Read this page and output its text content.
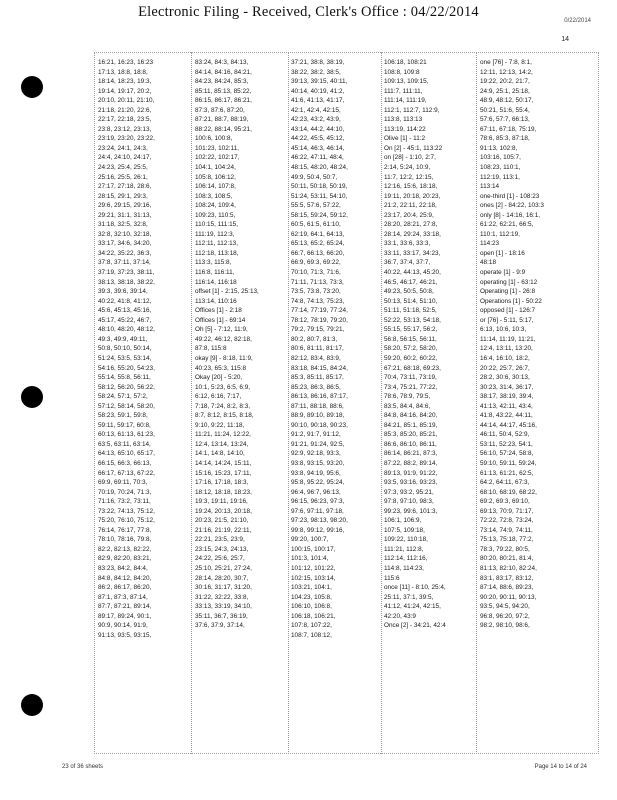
Electronic Filing - Received, Clerk's Office : 04/22/2014
0/22/2014
14
16:21, 16:23, 16:23
17:13, 18:8, 18:8,
18:14, 18:23, 19:3,
19:14, 19:17, 20:2,
20:10, 20:11, 21:10,
21:18, 21:20, 22:6,
22:17, 22:18, 23:5,
23:8, 23:12, 23:13,
23:19, 23:20, 23:22,
23:24, 24:1, 24:3,
24:4, 24:10, 24:17,
24:23, 25:4, 25:5,
25:16, 25:5, 26:1,
27:17, 27:18, 28:6,
28:15, 29:1, 29:3,
29:6, 29:15, 29:16,
29:21, 31:1, 31:13,
31:18, 32:5, 32:8,
32:8, 32:10, 32:18,
33:17, 34:6, 34:20,
34:22, 35:22, 36:3,
37:8, 37:11, 37:14,
37:19, 37:23, 38:11,
38:13, 38:18, 38:22,
39:3, 39:6, 39:14,
40:22, 41:8, 41:12,
45:6, 45:13, 45:16,
45:17, 45:22, 46:7,
48:10, 48:20, 48:12,
49:3, 49:9, 49:11,
50:8, 50:10, 50:14,
51:24, 53:5, 53:14,
54:16, 55:20, 54:23,
55:14, 55:8, 56:11,
58:12, 56:20, 56:22,
58:24, 57:1, 57:2,
57:12, 58:14, 58:20,
58:23, 59:1, 59:8,
59:11, 59:17, 60:8,
60:13, 61:13, 61:23,
63:5, 63:11, 63:14,
64:13, 65:10, 65:17,
66:15, 66:3, 66:13,
66:17, 67:13, 67:22,
69:9, 69:11, 70:3,
70:19, 70:24, 71:3,
71:16, 73:2, 73:11,
73:22, 74:13, 75:12,
75:20, 76:10, 75:12,
76:14, 76:17, 77:8,
78:10, 78:16, 79:8,
82:2, 82:13, 82:22,
82:9, 82:20, 83:21,
83:23, 84:2, 84:4,
84:8, 84:12, 84:20,
86:2, 86:17, 86:20,
87:1, 87:3, 87:14,
87:7, 87:21, 89:14,
89:17, 89:24, 90:1,
90:9, 90:14, 91:9,
91:13, 93:5, 93:15,
83:24, 84:3, 84:13,
84:14, 84:16, 84:21,
84:23, 84:24, 85:3,
85:11, 85:13, 85:22,
86:15, 86:17, 86:21,
87:3, 87:6, 87:20,
87:21, 88:7, 88:19,
88:22, 88:14, 95:21,
100:6, 100:8,
101:23, 102:11,
102:22, 102:17,
104:1, 104:24,
105:8, 106:12,
106:14, 107:8,
108:3, 108:5,
108:24, 109:4,
109:23, 110:5,
110:15, 111:15,
111:19, 112:3,
112:11, 112:13,
112:18, 113:18,
113:3, 115:8,
116:8, 116:11,
116:14, 116:18
offset [1] - 2:15, 25:13,
113:14, 110:16
Offices [1] - 2:18
Offices [1] - 69:14
Oh [5] - 7:12, 11:9,
49:22, 46:12, 82:18,
87:8, 115:8
okay [9] - 8:18, 11:9,
40:23, 65:3, 115:8
Okay [20] - 5:20,
10:1, 5:23, 6:5, 6:9,
6:12, 6:16, 7:17,
7:18, 7:24, 8:2, 8:3,
8:7, 8:12, 8:15, 8:18,
9:10, 9:22, 11:18,
11:21, 11:24, 12:22,
12:4, 13:14, 13:24,
14:1, 14:8, 14:10,
14:14, 14:24, 15:11,
15:16, 15:23, 17:11,
17:16, 17:18, 18:3,
18:12, 18:18, 18:23,
19:3, 19:11, 19:16,
19:24, 20:13, 20:18,
20:23, 21:5, 21:10,
21:16, 21:19, 22:11,
22:21, 23:5, 23:9,
23:15, 24:3, 24:13,
24:22, 25:6, 25:7,
25:10, 25:21, 27:24,
28:14, 28:20, 30:7,
30:16, 31:17, 31:20,
31:22, 32:22, 33:8,
33:13, 33:19, 34:10,
35:11, 36:7, 36:19,
37:6, 37:9, 37:14,
37:21, 38:8, 38:19,
38:22, 38:2, 38:5,
39:13, 39:15, 40:11,
40:14, 40:19, 41:2,
41:6, 41:13, 41:17,
42:1, 42:4, 42:15,
42:23, 43:2, 43:9,
43:14, 44:2, 44:10,
44:22, 45:5, 45:12,
45:14, 46:3, 46:14,
46:22, 47:11, 48:4,
48:15, 48:20, 48:24,
49:9, 50:4, 50:7,
50:11, 50:18, 50:19,
51:24, 53:11, 54:10,
55:5, 57:6, 57:22,
58:15, 59:24, 59:12,
60:5, 61:5, 61:10,
62:19, 64:1, 64:13,
65:13, 65:2, 65:24,
66:7, 66:13, 66:20,
66:9, 69:3, 69:22,
70:10, 71:3, 71:6,
71:11, 71:13, 73:3,
73:5, 73:8, 73:20,
74:8, 74:13, 75:23,
77:14, 77:19, 77:24,
78:12, 78:19, 79:20,
79:2, 79:15, 79:21,
80:2, 80:7, 81:3,
80:6, 81:11, 81:17,
82:12, 83:4, 83:9,
83:18, 84:15, 84:24,
85:3, 85:11, 85:17,
85:23, 86:3, 86:5,
86:13, 86:16, 87:17,
87:11, 88:18, 88:6,
88:9, 89:10, 89:18,
90:10, 90:18, 90:23,
91:2, 91:7, 91:12,
91:21, 91:24, 92:5,
92:9, 92:18, 93:3,
93:8, 93:15, 93:20,
93:8, 94:19, 95:6,
95:8, 95:22, 95:24,
96:4, 96:7, 96:13,
96:15, 96:23, 97:3,
97:6, 97:11, 97:18,
97:23, 98:13, 98:20,
99:8, 99:12, 99:16,
99:20, 100:7,
100:15, 100:17,
101:3, 101:4,
101:12, 101:22,
102:15, 103:14,
103:21, 104:1,
104:23, 105:8,
106:10, 106:8,
106:18, 106:21,
107:8, 107:22,
108:7, 108:12,
106:18, 108:21
108:8, 109:8
109:13, 109:15,
111:7, 111:11,
111:14, 111:19,
112:1, 112:7, 112:9,
113:8, 113:13
113:19, 114:22
Olive [1] - 11:2
On [2] - 45:1, 113:22
on [28] - 1:10, 2:7,
2:14, 5:24, 10:9,
11:7, 12:2, 12:15,
12:16, 15:6, 18:18,
19:11, 20:18, 20:23,
21:2, 22:11, 22:18,
23:17, 20:4, 25:9,
28:20, 28:21, 27:8,
28:14, 29:24, 33:18,
33:1, 33:6, 33:3,
33:11, 33:17, 34:23,
36:7, 37:4, 37:7,
40:22, 44:13, 45:20,
46:5, 46:17, 46:21,
49:23, 50:5, 50:8,
50:13, 51:4, 51:10,
51:11, 51:18, 52:5,
52:22, 53:13, 54:18,
55:15, 55:17, 56:2,
56:8, 56:15, 56:11,
58:20, 57:2, 58:20,
59:20, 60:2, 60:22,
67:21, 68:18, 69:23,
70:4, 73:11, 73:19,
73:4, 75:21, 77:22,
78:6, 78:9, 79:5,
83:5, 84:4, 84:6,
84:8, 84:16, 84:20,
84:21, 85:1, 85:19,
85:3, 85:20, 85:21,
86:6, 86:10, 86:11,
86:14, 86:21, 87:3,
87:22, 88:2, 89:14,
89:13, 91:9, 91:22,
93:5, 93:16, 93:23,
97:3, 93:2, 95:21,
97:8, 97:10, 98:3,
99:23, 99:6, 101:3,
106:1, 106:9,
107:5, 109:18,
109:22, 110:18,
111:21, 112:8,
112:14, 112:16,
114:8, 114:23,
115:6
once [11] - 8:10, 25:4,
25:11, 37:1, 39:5,
41:12, 41:24, 42:15,
42:20, 43:9
Once [2] - 34:21, 42:4
one [76] - 7:8, 8:1,
12:11, 12:13, 14:2,
19:22, 20:2, 21:7,
24:9, 25:1, 25:18,
48:9, 48:12, 50:17,
50:21, 51:6, 55:4,
57:6, 57:7, 66:13,
67:11, 67:18, 75:19,
78:6, 85:3, 87:18,
91:13, 102:8,
103:16, 105:7,
108:23, 110:1,
112:19, 113:1,
113:14
one-third [1] - 108:23
ones [2] - 84:22, 103:3
only [8] - 14:16, 16:1,
61:22, 62:21, 66:5,
110:1, 112:19,
114:23
open [1] - 18:16
48:18
operate [1] - 9:9
operating [1] - 63:12
Operating [1] - 26:8
Operations [1] - 50:22
opposed [1] - 126:7
or [76] - 5:11, 5:17,
6:13, 10:6, 10:3,
11:14, 11:19, 11:21,
12:4, 13:11, 13:20,
16:4, 16:10, 18:2,
20:22, 25:7, 26:7,
28:2, 30:6, 30:13,
30:23, 31:4, 36:17,
38:17, 38:19, 39:4,
41:13, 42:11, 43:4,
41:8, 43:22, 44:11,
44:14, 44:17, 45:16,
46:11, 50:4, 52:9,
53:11, 52:23, 54:1,
56:10, 57:24, 58:8,
59:10, 59:11, 59:24,
61:13, 61:21, 62:5,
64:2, 64:11, 67:3,
68:10, 68:19, 68:22,
69:2, 69:3, 69:10,
69:13, 70:9, 71:17,
72:22, 72:8, 73:24,
73:14, 74:9, 74:11,
75:13, 75:18, 77:2,
78:3, 79:22, 80:5,
80:20, 80:21, 81:4,
81:13, 82:10, 82:24,
83:1, 83:17, 83:12,
87:14, 88:6, 89:23,
90:20, 90:11, 90:13,
93:5, 94:5, 94:20,
96:8, 96:20, 97:2,
98:2, 98:10, 98:6,
23 of 36 sheets	Page 14 to 14 of 24
